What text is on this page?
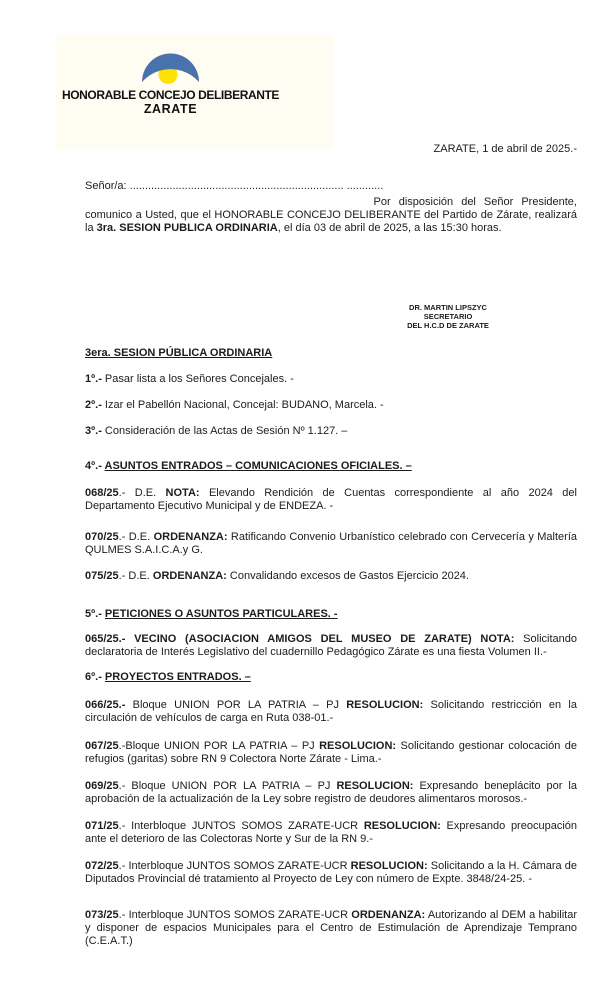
HONORABLE CONCEJO DELIBERANTE
ZARATE
ZARATE, 1 de abril de 2025.-
Señor/a: ...................................................................... ............
Por disposición del Señor Presidente,
comunico a Usted, que el HONORABLE CONCEJO DELIBERANTE del Partido de Zárate, realizará la 3ra. SESION PUBLICA ORDINARIA, el día 03 de abril de 2025, a las 15:30 horas.
DR. MARTIN LIPSZYC
SECRETARIO
DEL H.C.D DE ZARATE
3era. SESION PÚBLICA ORDINARIA
1º.- Pasar lista a los Señores Concejales. -
2º.- Izar el Pabellón Nacional, Concejal: BUDANO, Marcela. -
3º.- Consideración de las Actas de Sesión Nº 1.127. –
4º.- ASUNTOS ENTRADOS – COMUNICACIONES OFICIALES. –
068/25.- D.E. NOTA: Elevando Rendición de Cuentas correspondiente al año 2024 del Departamento Ejecutivo Municipal y de ENDEZA. -
070/25.- D.E. ORDENANZA: Ratificando Convenio Urbanístico celebrado con Cervecería y Maltería QULMES S.A.I.C.A.y G.
075/25.- D.E. ORDENANZA: Convalidando excesos de Gastos Ejercicio 2024.
5º.- PETICIONES O ASUNTOS PARTICULARES. -
065/25.- VECINO (ASOCIACION AMIGOS DEL MUSEO DE ZARATE) NOTA: Solicitando declaratoria de Interés Legislativo del cuadernillo Pedagógico Zárate es una fiesta Volumen II.-
6º.- PROYECTOS ENTRADOS. –
066/25.- Bloque UNION POR LA PATRIA – PJ RESOLUCION: Solicitando restricción en la circulación de vehículos de carga en Ruta 038-01.-
067/25.-Bloque UNION POR LA PATRIA – PJ RESOLUCION: Solicitando gestionar colocación de refugios (garitas) sobre RN 9 Colectora Norte Zárate - Lima.-
069/25.- Bloque UNION POR LA PATRIA – PJ RESOLUCION: Expresando beneplácito por la aprobación de la actualización de la Ley sobre registro de deudores alimentaros morosos.-
071/25.- Interbloque JUNTOS SOMOS ZARATE-UCR RESOLUCION: Expresando preocupación ante el deterioro de las Colectoras Norte y Sur de la RN 9.-
072/25.- Interbloque JUNTOS SOMOS ZARATE-UCR RESOLUCION: Solicitando a la H. Cámara de Diputados Provincial dé tratamiento al Proyecto de Ley con número de Expte. 3848/24-25. -
073/25.- Interbloque JUNTOS SOMOS ZARATE-UCR ORDENANZA: Autorizando al DEM a habilitar y disponer de espacios Municipales para el Centro de Estimulación de Aprendizaje Temprano (C.E.A.T.)
